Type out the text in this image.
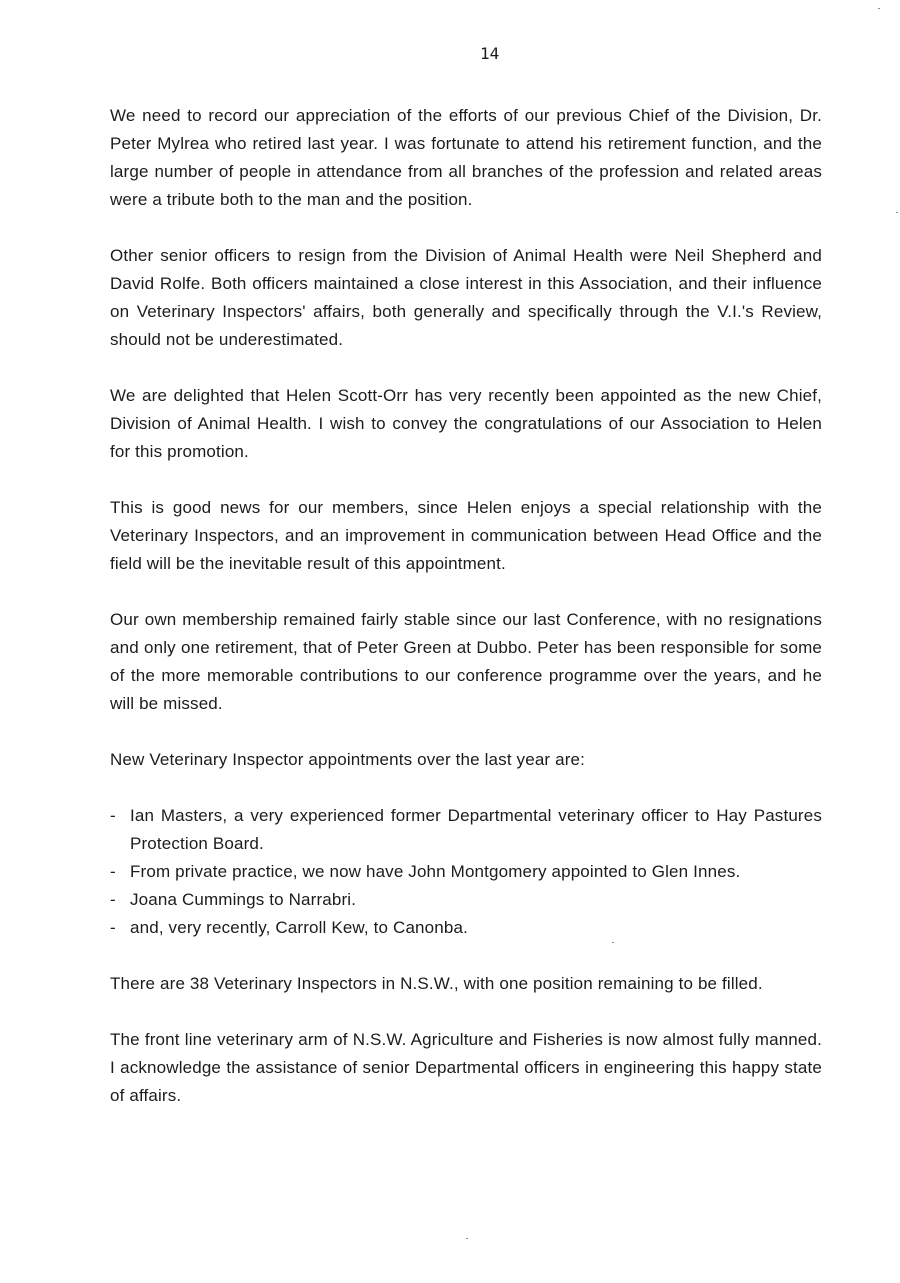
14

We need to record our appreciation of the efforts of our previous Chief of the Division, Dr. Peter Mylrea who retired last year. I was fortunate to attend his retirement function, and the large number of people in attendance from all branches of the profession and related areas were a tribute both to the man and the position.

Other senior officers to resign from the Division of Animal Health were Neil Shepherd and David Rolfe. Both officers maintained a close interest in this Association, and their influence on Veterinary Inspectors' affairs, both generally and specifically through the V.I.'s Review, should not be underestimated.

We are delighted that Helen Scott-Orr has very recently been appointed as the new Chief, Division of Animal Health. I wish to convey the congratulations of our Association to Helen for this promotion.

This is good news for our members, since Helen enjoys a special relationship with the Veterinary Inspectors, and an improvement in communication between Head Office and the field will be the inevitable result of this appointment.

Our own membership remained fairly stable since our last Conference, with no resignations and only one retirement, that of Peter Green at Dubbo. Peter has been responsible for some of the more memorable contributions to our conference programme over the years, and he will be missed.

New Veterinary Inspector appointments over the last year are:

- Ian Masters, a very experienced former Departmental veterinary officer to Hay Pastures Protection Board.
- From private practice, we now have John Montgomery appointed to Glen Innes.
- Joana Cummings to Narrabri.
- and, very recently, Carroll Kew, to Canonba.

There are 38 Veterinary Inspectors in N.S.W., with one position remaining to be filled.

The front line veterinary arm of N.S.W. Agriculture and Fisheries is now almost fully manned. I acknowledge the assistance of senior Departmental officers in engineering this happy state of affairs.
